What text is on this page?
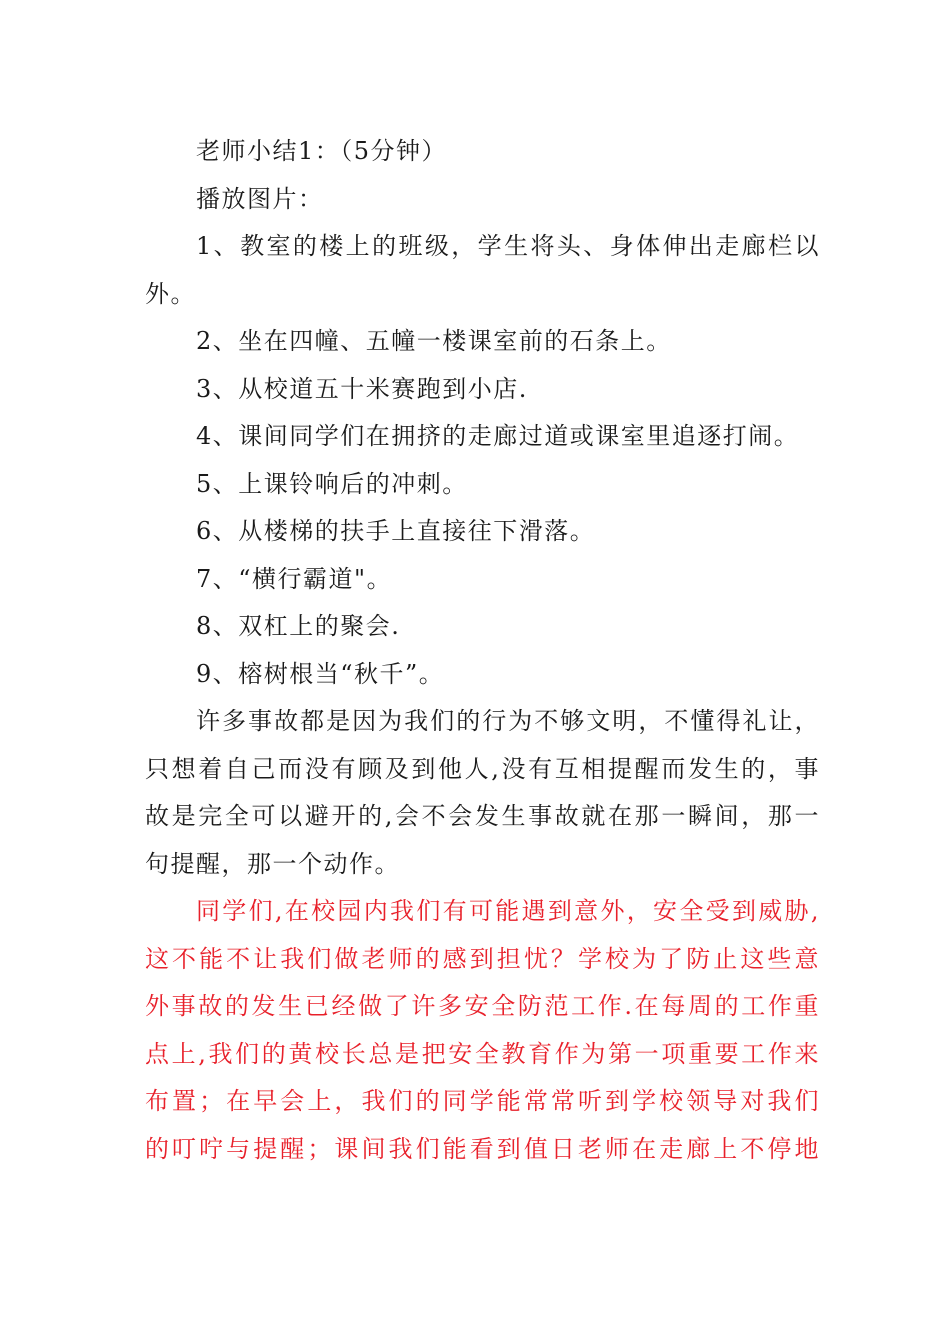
老师小结1：（5分钟）
播放图片：
1、教室的楼上的班级，学生将头、身体伸出走廊栏以
外。
2、坐在四幢、五幢一楼课室前的石条上。
3、从校道五十米赛跑到小店.
4、课间同学们在拥挤的走廊过道或课室里追逐打闹。
5、上课铃响后的冲刺。
6、从楼梯的扶手上直接往下滑落。
7、“横行霸道"。
8、双杠上的聚会.
9、榕树根当“秋千”。
许多事故都是因为我们的行为不够文明，不懂得礼让，
只想着自己而没有顾及到他人,没有互相提醒而发生的，事
故是完全可以避开的,会不会发生事故就在那一瞬间，那一
句提醒，那一个动作。
同学们,在校园内我们有可能遇到意外，安全受到威胁,
这不能不让我们做老师的感到担忧？学校为了防止这些意
外事故的发生已经做了许多安全防范工作.在每周的工作重
点上,我们的黄校长总是把安全教育作为第一项重要工作来
布置；在早会上，我们的同学能常常听到学校领导对我们
的叮咛与提醒；课间我们能看到值日老师在走廊上不停地
